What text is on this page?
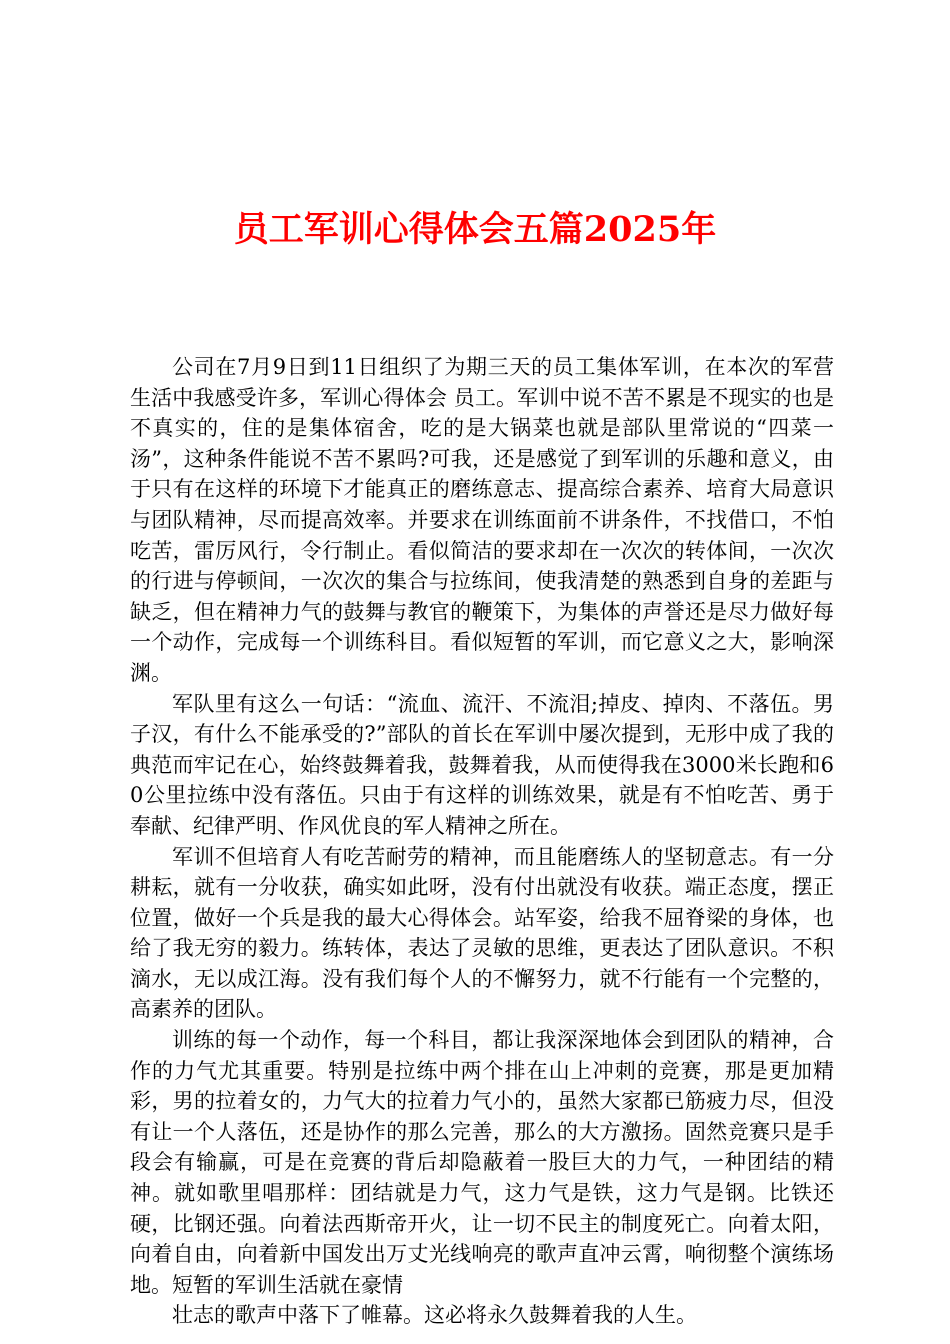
员工军训心得体会五篇2025年

公司在7月9日到11日组织了为期三天的员工集体军训，在本次的军营生活中我感受许多，军训心得体会 员工。军训中说不苦不累是不现实的也是不真实的，住的是集体宿舍，吃的是大锅菜也就是部队里常说的“四菜一汤”，这种条件能说不苦不累吗?可我，还是感觉了到军训的乐趣和意义，由于只有在这样的环境下才能真正的磨练意志、提高综合素养、培育大局意识与团队精神，尽而提高效率。并要求在训练面前不讲条件，不找借口，不怕吃苦，雷厉风行，令行制止。看似简洁的要求却在一次次的转体间，一次次的行进与停顿间，一次次的集合与拉练间，使我清楚的熟悉到自身的差距与缺乏，但在精神力气的鼓舞与教官的鞭策下，为集体的声誉还是尽力做好每一个动作，完成每一个训练科目。看似短暂的军训，而它意义之大，影响深渊。

军队里有这么一句话：“流血、流汗、不流泪;掉皮、掉肉、不落伍。男子汉，有什么不能承受的?”部队的首长在军训中屡次提到，无形中成了我的典范而牢记在心，始终鼓舞着我，鼓舞着我，从而使得我在3000米长跑和60公里拉练中没有落伍。只由于有这样的训练效果，就是有不怕吃苦、勇于奉献、纪律严明、作风优良的军人精神之所在。

军训不但培育人有吃苦耐劳的精神，而且能磨练人的坚韧意志。有一分耕耘，就有一分收获，确实如此呀，没有付出就没有收获。端正态度，摆正位置，做好一个兵是我的最大心得体会。站军姿，给我不屈脊梁的身体，也给了我无穷的毅力。练转体，表达了灵敏的思维，更表达了团队意识。不积滴水，无以成江海。没有我们每个人的不懈努力，就不行能有一个完整的，高素养的团队。

训练的每一个动作，每一个科目，都让我深深地体会到团队的精神，合作的力气尤其重要。特别是拉练中两个排在山上冲刺的竞赛，那是更加精彩，男的拉着女的，力气大的拉着力气小的，虽然大家都已筋疲力尽，但没有让一个人落伍，还是协作的那么完善，那么的大方激扬。固然竞赛只是手段会有输赢，可是在竞赛的背后却隐蔽着一股巨大的力气，一种团结的精神。就如歌里唱那样：团结就是力气，这力气是铁，这力气是钢。比铁还硬，比钢还强。向着法西斯帝开火，让一切不民主的制度死亡。向着太阳，向着自由，向着新中国发出万丈光线响亮的歌声直冲云霄，响彻整个演练场地。短暂的军训生活就在豪情

壮志的歌声中落下了帷幕。这必将永久鼓舞着我的人生。
